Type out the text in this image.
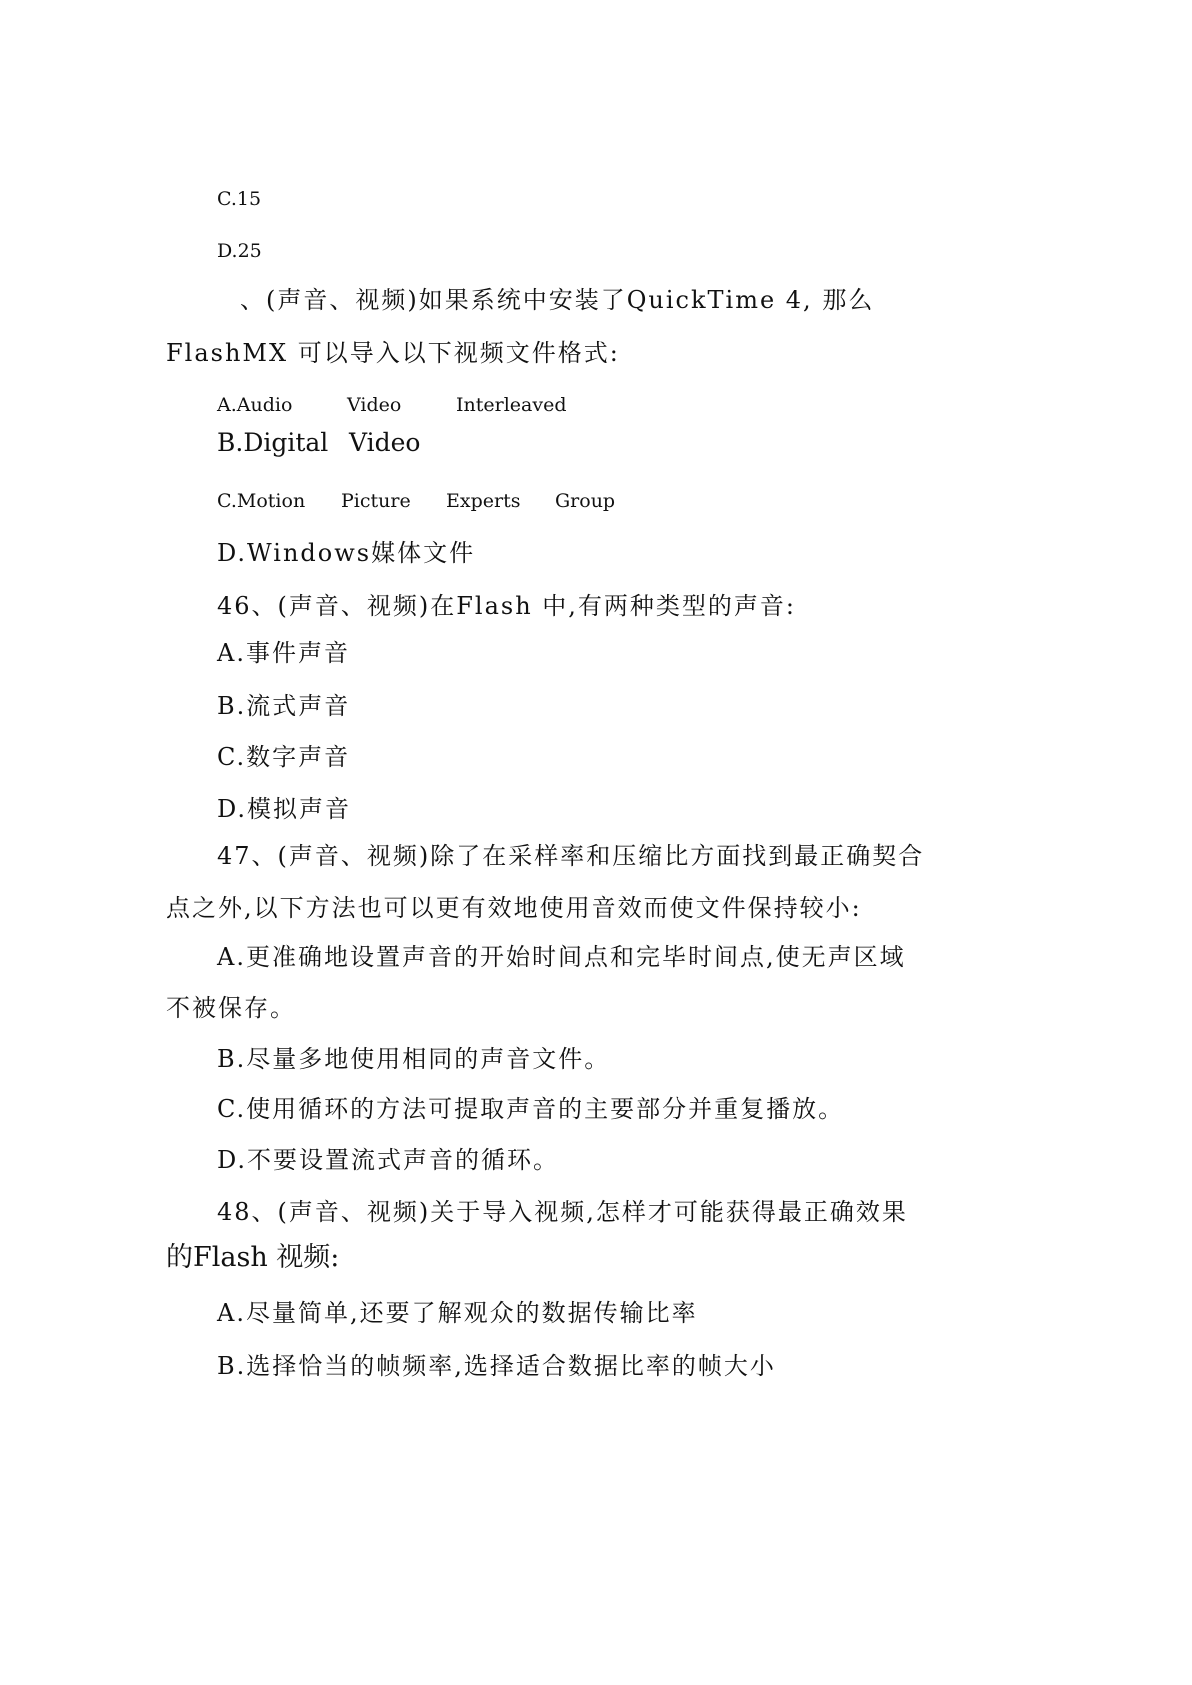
C.15
D.25
、(声音、视频)如果系统中安装了QuickTime 4, 那么
FlashMX 可以导入以下视频文件格式:
A.Audio	Video	Interleaved
B.Digital Video
C.Motion Picture Experts Group
D.Windows媒体文件
46、(声音、视频)在Flash 中,有两种类型的声音:
A.事件声音
B.流式声音
C.数字声音
D.模拟声音
47、(声音、视频)除了在采样率和压缩比方面找到最正确契合
点之外,以下方法也可以更有效地使用音效而使文件保持较小:
A.更准确地设置声音的开始时间点和完毕时间点,使无声区域
不被保存。
B.尽量多地使用相同的声音文件。
C.使用循环的方法可提取声音的主要部分并重复播放。
D.不要设置流式声音的循环。
48、(声音、视频)关于导入视频,怎样才可能获得最正确效果
的Flash 视频:
A.尽量简单,还要了解观众的数据传输比率
B.选择恰当的帧频率,选择适合数据比率的帧大小
